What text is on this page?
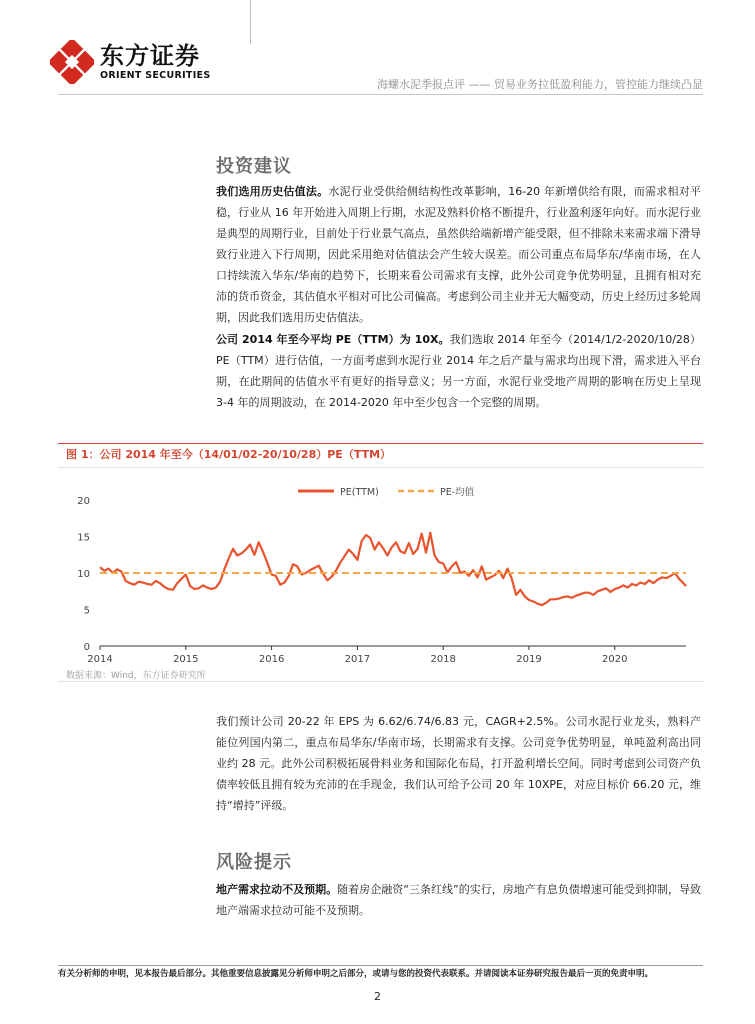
东方证券
ORIENT SECURITIES
海螺水泥季报点评 —— 贸易业务拉低盈利能力，管控能力继续凸显
投资建议
我们选用历史估值法。水泥行业受供给侧结构性改革影响，16-20 年新增供给有限，而需求相对平稳，行业从 16 年开始进入周期上行期，水泥及熟料价格不断提升，行业盈利逐年向好。而水泥行业是典型的周期行业，目前处于行业景气高点，虽然供给端新增产能受限，但不排除未来需求端下滑导致行业进入下行周期，因此采用绝对估值法会产生较大误差。而公司重点布局华东/华南市场，在人口持续流入华东/华南的趋势下，长期来看公司需求有支撑，此外公司竞争优势明显，且拥有相对充沛的货币资金，其估值水平相对可比公司偏高。考虑到公司主业并无大幅变动，历史上经历过多轮周期，因此我们选用历史估值法。
公司 2014 年至今平均 PE（TTM）为 10X。我们选取 2014 年至今（2014/1/2-2020/10/28）PE（TTM）进行估值，一方面考虑到水泥行业 2014 年之后产量与需求均出现下滑，需求进入平台期，在此期间的估值水平有更好的指导意义；另一方面，水泥行业受地产周期的影响在历史上呈现 3-4 年的周期波动，在 2014-2020 年中至少包含一个完整的周期。
图 1：公司 2014 年至今（14/01/02-20/10/28）PE（TTM）
0
5
10
15
20
2014	2015	2016	2017	2018	2019	2020
PE(TTM)	PE-均值
数据来源：Wind，东方证券研究所
我们预计公司 20-22 年 EPS 为 6.62/6.74/6.83 元，CAGR+2.5%。公司水泥行业龙头，熟料产能位列国内第二，重点布局华东/华南市场，长期需求有支撑。公司竞争优势明显，单吨盈利高出同业约 28 元。此外公司积极拓展骨料业务和国际化布局，打开盈利增长空间。同时考虑到公司资产负债率较低且拥有较为充沛的在手现金，我们认可给予公司 20 年 10XPE，对应目标价 66.20 元，维持“增持”评级。
风险提示
地产需求拉动不及预期。随着房企融资“三条红线”的实行，房地产有息负债增速可能受到抑制，导致地产端需求拉动可能不及预期。
有关分析师的申明，见本报告最后部分。其他重要信息披露见分析师申明之后部分，或请与您的投资代表联系。并请阅读本证券研究报告最后一页的免责申明。
2
